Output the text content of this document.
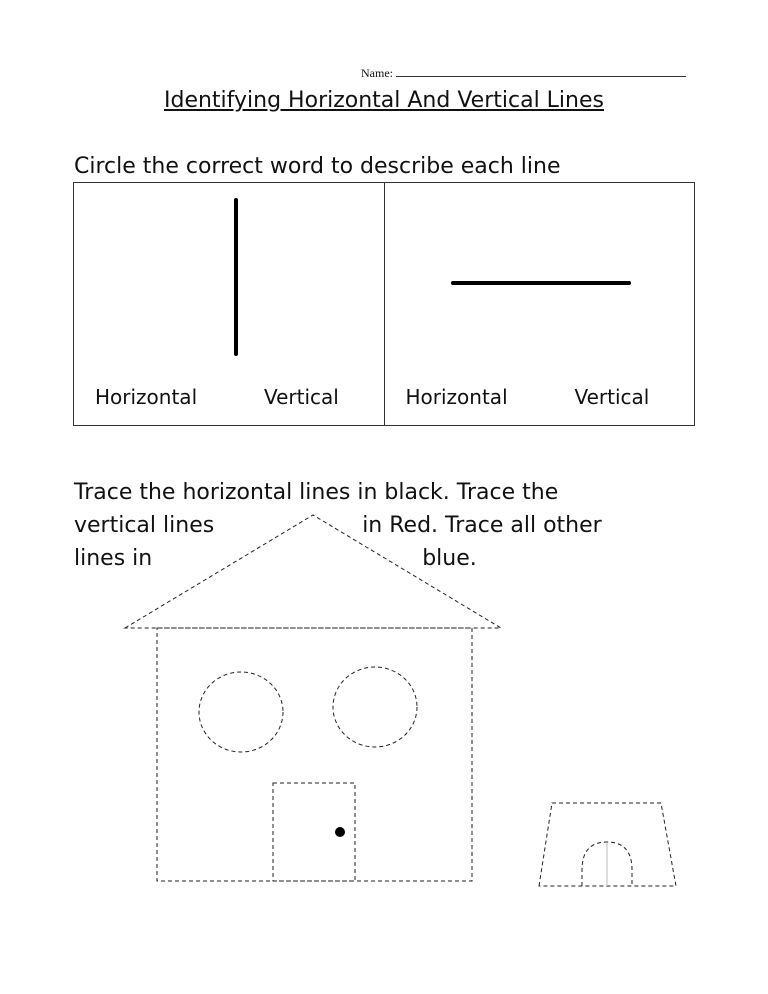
Name:
Identifying Horizontal And Vertical Lines
Circle the correct word to describe each line
Horizontal	Vertical	Horizontal	Vertical
Trace the horizontal lines in black. Trace the
vertical lines	in Red. Trace all other
lines in	blue.
